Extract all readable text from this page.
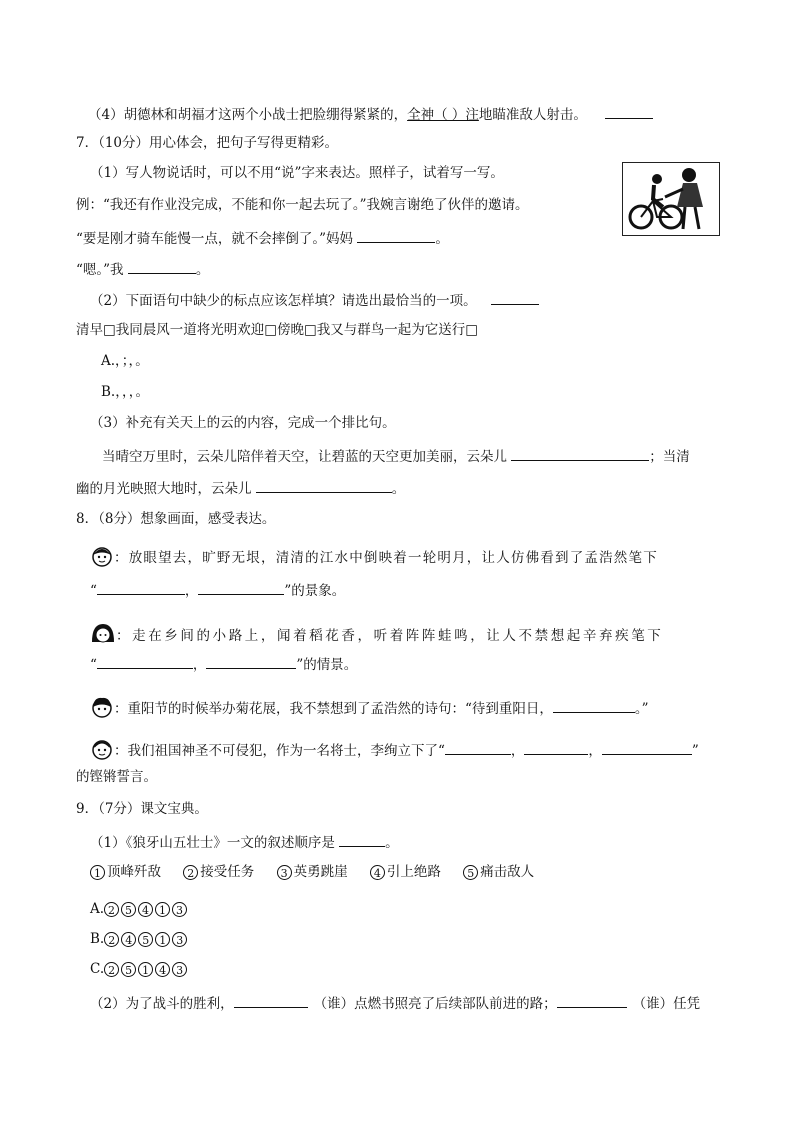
（4）胡德林和胡福才这两个小战士把脸绷得紧紧的，全神（ ）注地瞄准敌人射击。
7．（10分）用心体会，把句子写得更精彩。
（1）写人物说话时，可以不用“说”字来表达。照样子，试着写一写。
例：“我还有作业没完成，不能和你一起去玩了。”我婉言谢绝了伙伴的邀请。
“要是刚才骑车能慢一点，就不会摔倒了。”妈妈	。
“嗯。”我	。
（2）下面语句中缺少的标点应该怎样填？请选出最恰当的一项。
清早□我同晨风一道将光明欢迎□傍晚□我又与群鸟一起为它送行□
A.，；，。
B.，，，。
（3）补充有关天上的云的内容，完成一个排比句。
当晴空万里时，云朵儿陪伴着天空，让碧蓝的天空更加美丽，云朵儿	；当清
幽的月光映照大地时，云朵儿	。
8．（8分）想象画面，感受表达。
：放眼望去，旷野无垠，清清的江水中倒映着一轮明月，让人仿佛看到了孟浩然笔下
“	，	”的景象。
：走在乡间的小路上，闻着稻花香，听着阵阵蛙鸣，让人不禁想起辛弃疾笔下
“	，	”的情景。
：重阳节的时候举办菊花展，我不禁想到了孟浩然的诗句：“待到重阳日，	。”
：我们祖国神圣不可侵犯，作为一名将士，李绚立下了“	，	，	”
的铿锵誓言。
9．（7分）课文宝典。
（1）《狼牙山五壮士》一文的叙述顺序是	。
1 顶峰歼敌 2 接受任务 3 英勇跳崖 4 引上绝路 5 痛击敌人
A. 2 5 4 1 3
B. 2 4 5 1 3
C. 2 5 1 4 3
（2）为了战斗的胜利，	（谁）点燃书照亮了后续部队前进的路；	（谁）任凭
